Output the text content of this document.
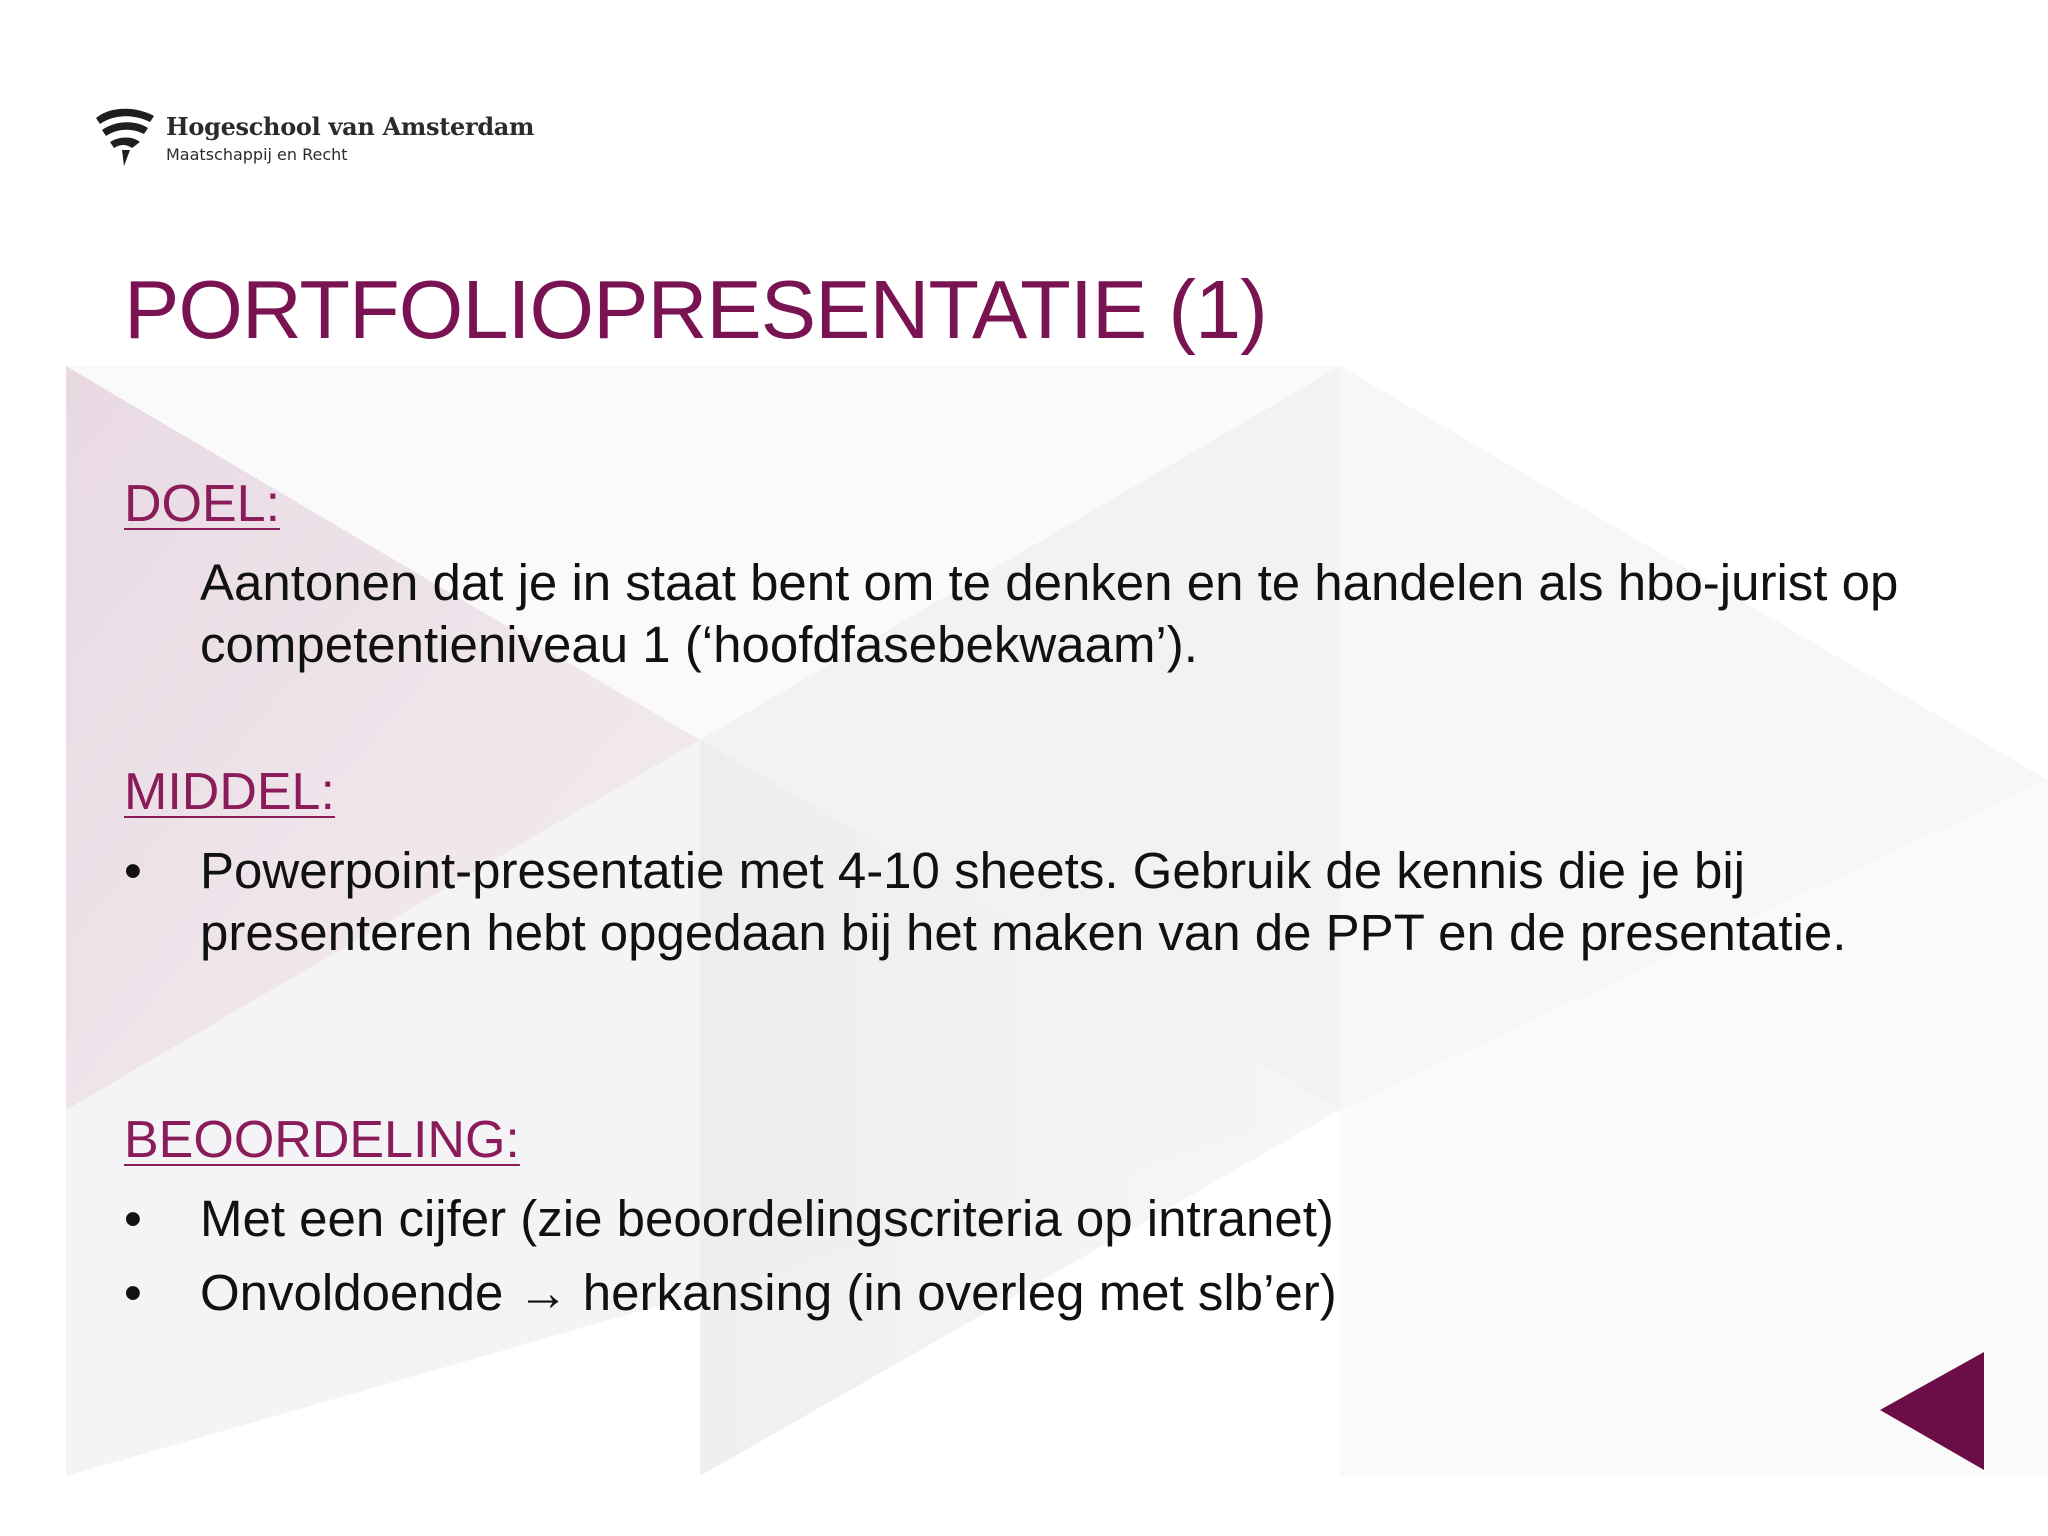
Hogeschool van Amsterdam
Maatschappij en Recht
PORTFOLIOPRESENTATIE (1)
DOEL:
Aantonen dat je in staat bent om te denken en te handelen als hbo-jurist op competentieniveau 1 (‘hoofdfasebekwaam’).
MIDDEL:
•	Powerpoint-presentatie met 4-10 sheets. Gebruik de kennis die je bij presenteren hebt opgedaan bij het maken van de PPT en de presentatie.
BEOORDELING:
•	Met een cijfer (zie beoordelingscriteria op intranet)
•	Onvoldoende → herkansing (in overleg met slb’er)
